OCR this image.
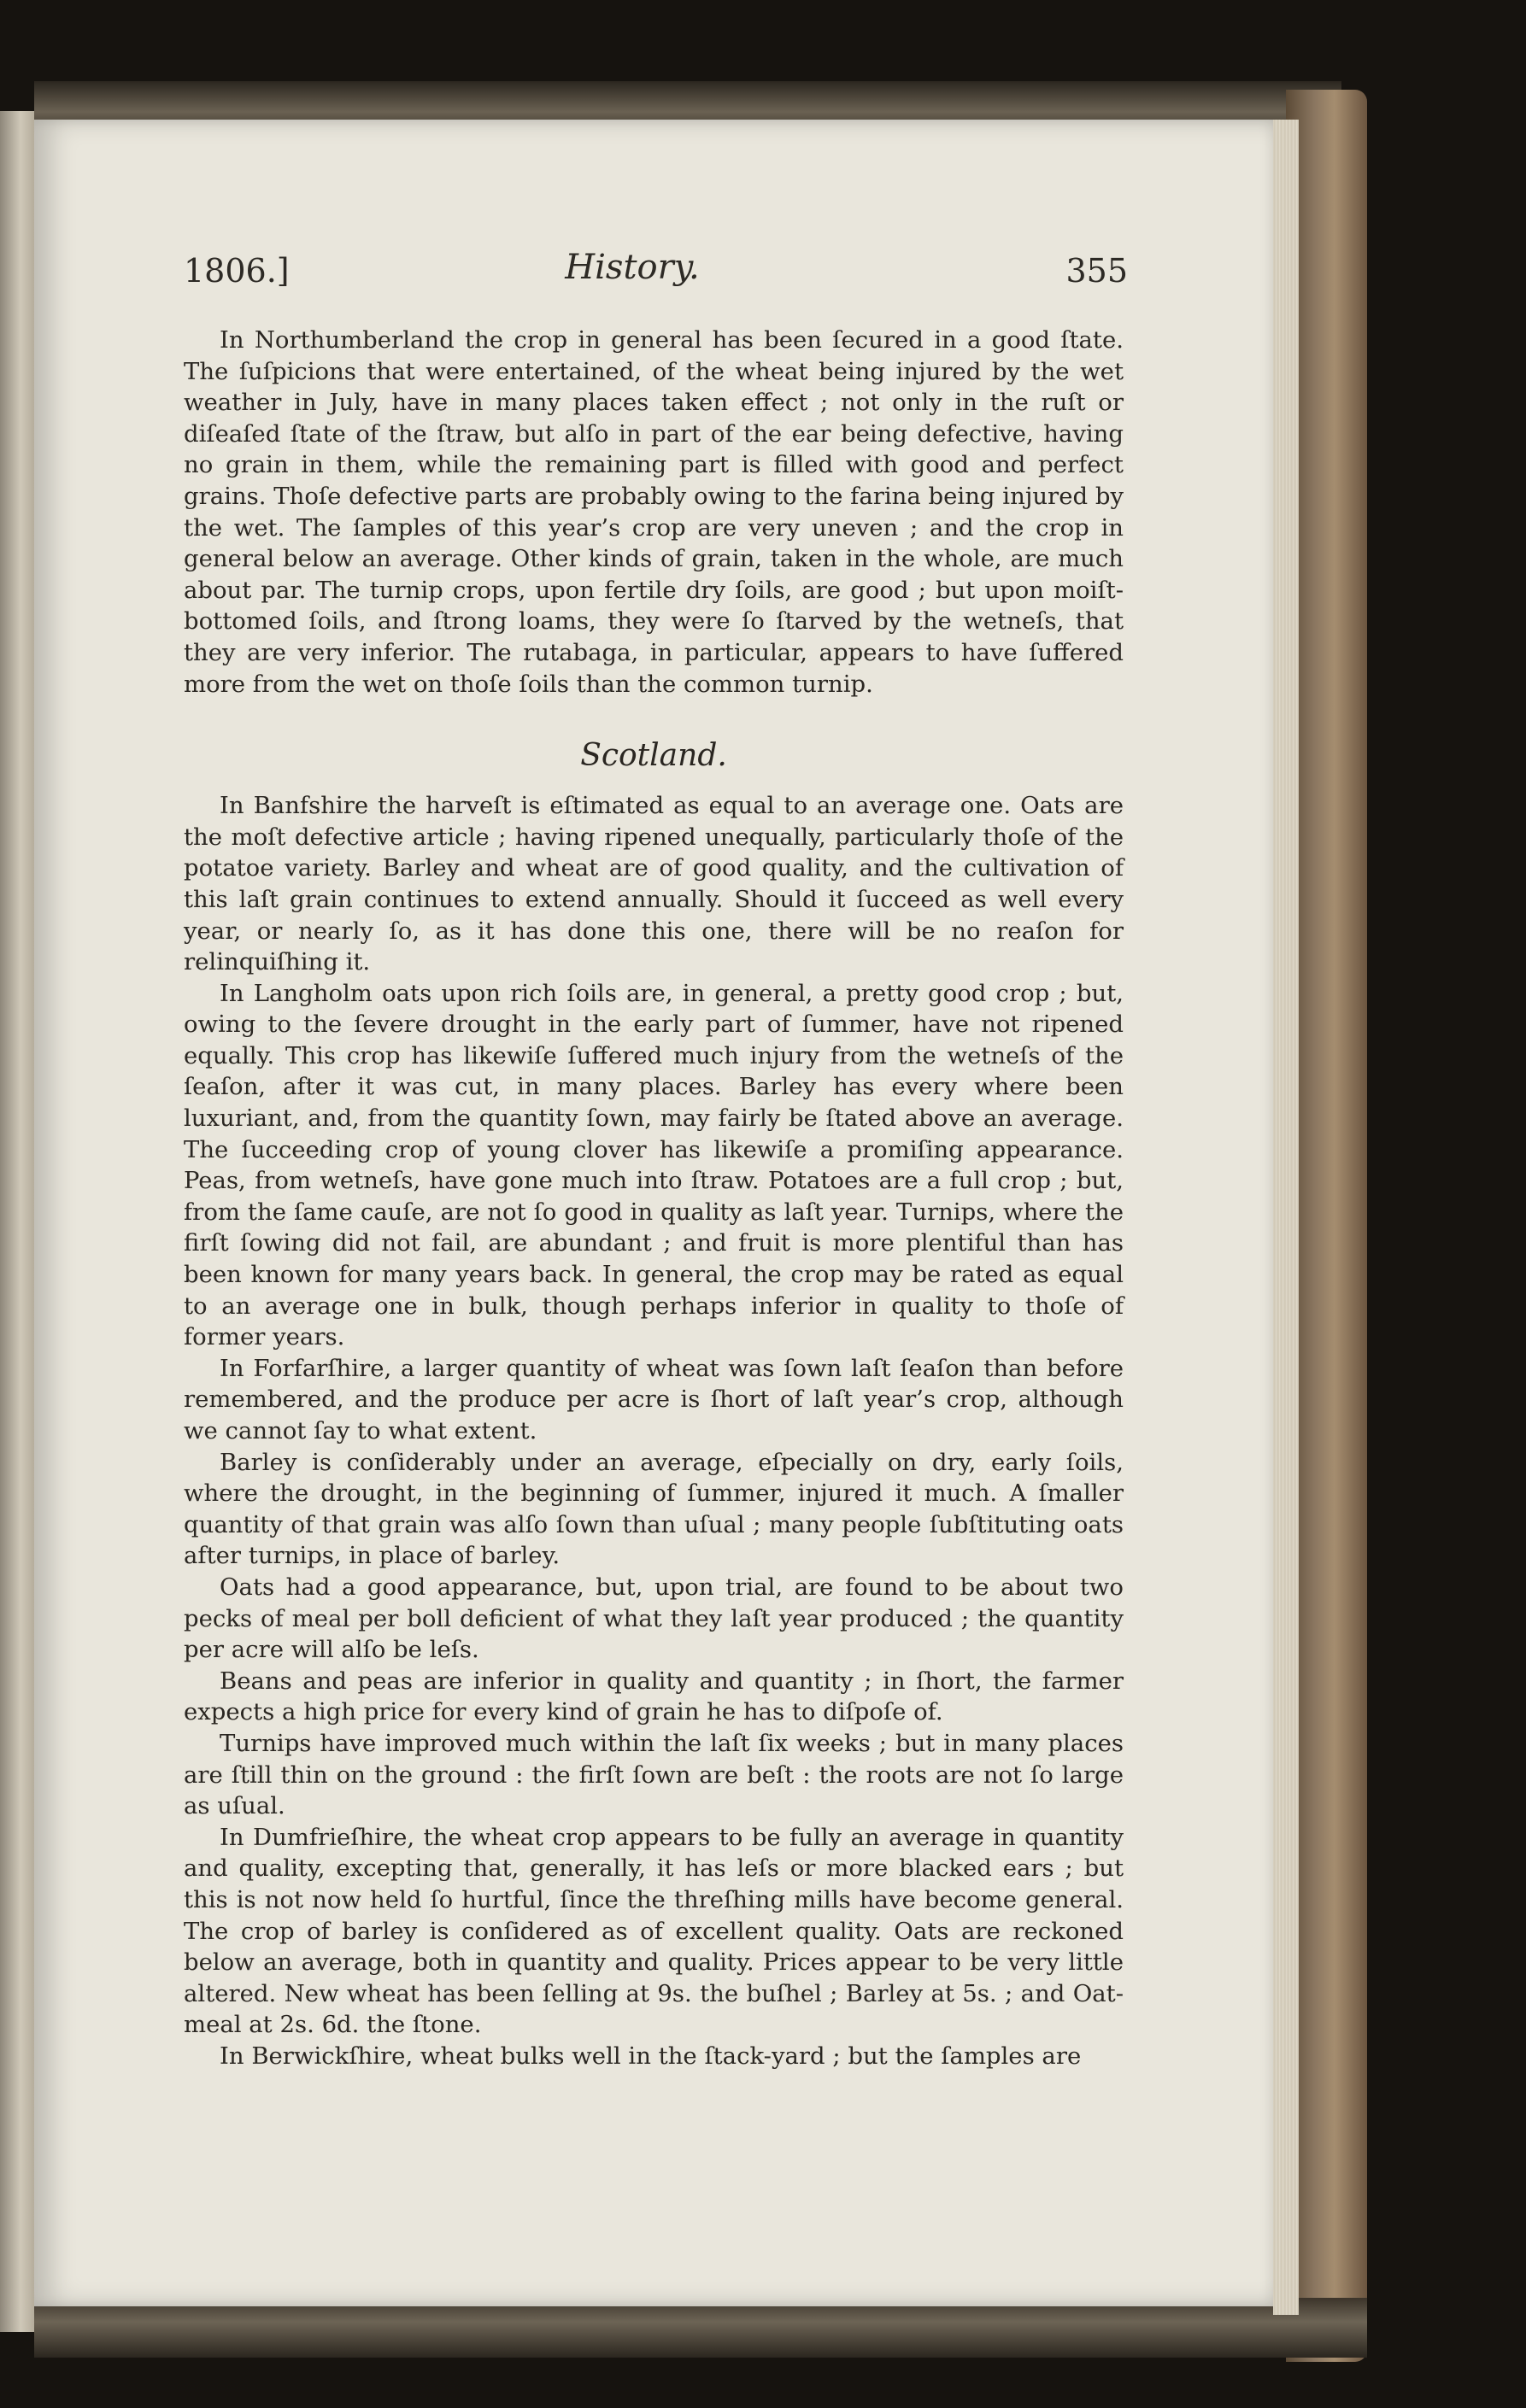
1806.]	History.	355

In Northumberland the crop in general has been ſecured in a good ſtate. The ſuſpicions that were entertained, of the wheat being injured by the wet weather in July, have in many places taken effect ; not only in the ruſt or diſeaſed ſtate of the ſtraw, but alſo in part of the ear being defective, having no grain in them, while the remaining part is filled with good and perfect grains. Thoſe defective parts are probably owing to the farina being injured by the wet. The ſamples of this year’s crop are very uneven ; and the crop in general below an average. Other kinds of grain, taken in the whole, are much about par. The turnip crops, upon fertile dry ſoils, are good ; but upon moiſt-bottomed ſoils, and ſtrong loams, they were ſo ſtarved by the wetneſs, that they are very inferior. The rutabaga, in particular, appears to have ſuffered more from the wet on thoſe ſoils than the common turnip.

Scotland.

In Banfshire the harveſt is eſtimated as equal to an average one. Oats are the moſt defective article ; having ripened unequally, particularly thoſe of the potatoe variety. Barley and wheat are of good quality, and the cultivation of this laſt grain continues to extend annually. Should it ſucceed as well every year, or nearly ſo, as it has done this one, there will be no reaſon for relinquiſhing it.

In Langholm oats upon rich ſoils are, in general, a pretty good crop ; but, owing to the ſevere drought in the early part of ſummer, have not ripened equally. This crop has likewiſe ſuffered much injury from the wetneſs of the ſeaſon, after it was cut, in many places. Barley has every where been luxuriant, and, from the quantity ſown, may fairly be ſtated above an average. The ſucceeding crop of young clover has likewiſe a promiſing appearance. Peas, from wetneſs, have gone much into ſtraw. Potatoes are a full crop ; but, from the ſame cauſe, are not ſo good in quality as laſt year. Turnips, where the firſt ſowing did not fail, are abundant ; and fruit is more plentiful than has been known for many years back. In general, the crop may be rated as equal to an average one in bulk, though perhaps inferior in quality to thoſe of former years.

In Forfarſhire, a larger quantity of wheat was ſown laſt ſeaſon than before remembered, and the produce per acre is ſhort of laſt year’s crop, although we cannot ſay to what extent.

Barley is conſiderably under an average, eſpecially on dry, early ſoils, where the drought, in the beginning of ſummer, injured it much. A ſmaller quantity of that grain was alſo ſown than uſual ; many people ſubſtituting oats after turnips, in place of barley.

Oats had a good appearance, but, upon trial, are found to be about two pecks of meal per boll deficient of what they laſt year produced ; the quantity per acre will alſo be leſs.

Beans and peas are inferior in quality and quantity ; in ſhort, the farmer expects a high price for every kind of grain he has to diſpoſe of.

Turnips have improved much within the laſt ſix weeks ; but in many places are ſtill thin on the ground : the firſt ſown are beſt : the roots are not ſo large as uſual.

In Dumfrieſhire, the wheat crop appears to be fully an average in quantity and quality, excepting that, generally, it has leſs or more blacked ears ; but this is not now held ſo hurtful, ſince the threſhing mills have become general. The crop of barley is conſidered as of excellent quality. Oats are reckoned below an average, both in quantity and quality. Prices appear to be very little altered. New wheat has been ſelling at 9s. the buſhel ; Barley at 5s. ; and Oat-meal at 2s. 6d. the ſtone.

In Berwickſhire, wheat bulks well in the ſtack-yard ; but the ſamples are
